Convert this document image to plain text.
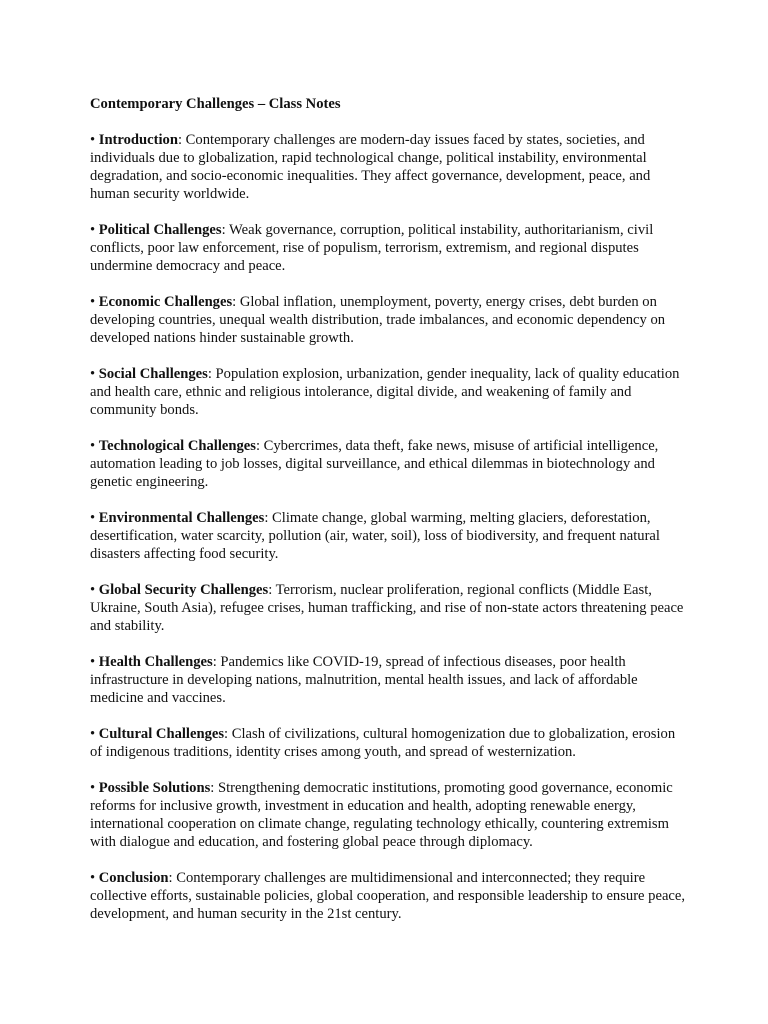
Contemporary Challenges – Class Notes
• Introduction: Contemporary challenges are modern-day issues faced by states, societies, and individuals due to globalization, rapid technological change, political instability, environmental degradation, and socio-economic inequalities. They affect governance, development, peace, and human security worldwide.
• Political Challenges: Weak governance, corruption, political instability, authoritarianism, civil conflicts, poor law enforcement, rise of populism, terrorism, extremism, and regional disputes undermine democracy and peace.
• Economic Challenges: Global inflation, unemployment, poverty, energy crises, debt burden on developing countries, unequal wealth distribution, trade imbalances, and economic dependency on developed nations hinder sustainable growth.
• Social Challenges: Population explosion, urbanization, gender inequality, lack of quality education and health care, ethnic and religious intolerance, digital divide, and weakening of family and community bonds.
• Technological Challenges: Cybercrimes, data theft, fake news, misuse of artificial intelligence, automation leading to job losses, digital surveillance, and ethical dilemmas in biotechnology and genetic engineering.
• Environmental Challenges: Climate change, global warming, melting glaciers, deforestation, desertification, water scarcity, pollution (air, water, soil), loss of biodiversity, and frequent natural disasters affecting food security.
• Global Security Challenges: Terrorism, nuclear proliferation, regional conflicts (Middle East, Ukraine, South Asia), refugee crises, human trafficking, and rise of non-state actors threatening peace and stability.
• Health Challenges: Pandemics like COVID-19, spread of infectious diseases, poor health infrastructure in developing nations, malnutrition, mental health issues, and lack of affordable medicine and vaccines.
• Cultural Challenges: Clash of civilizations, cultural homogenization due to globalization, erosion of indigenous traditions, identity crises among youth, and spread of westernization.
• Possible Solutions: Strengthening democratic institutions, promoting good governance, economic reforms for inclusive growth, investment in education and health, adopting renewable energy, international cooperation on climate change, regulating technology ethically, countering extremism with dialogue and education, and fostering global peace through diplomacy.
• Conclusion: Contemporary challenges are multidimensional and interconnected; they require collective efforts, sustainable policies, global cooperation, and responsible leadership to ensure peace, development, and human security in the 21st century.
